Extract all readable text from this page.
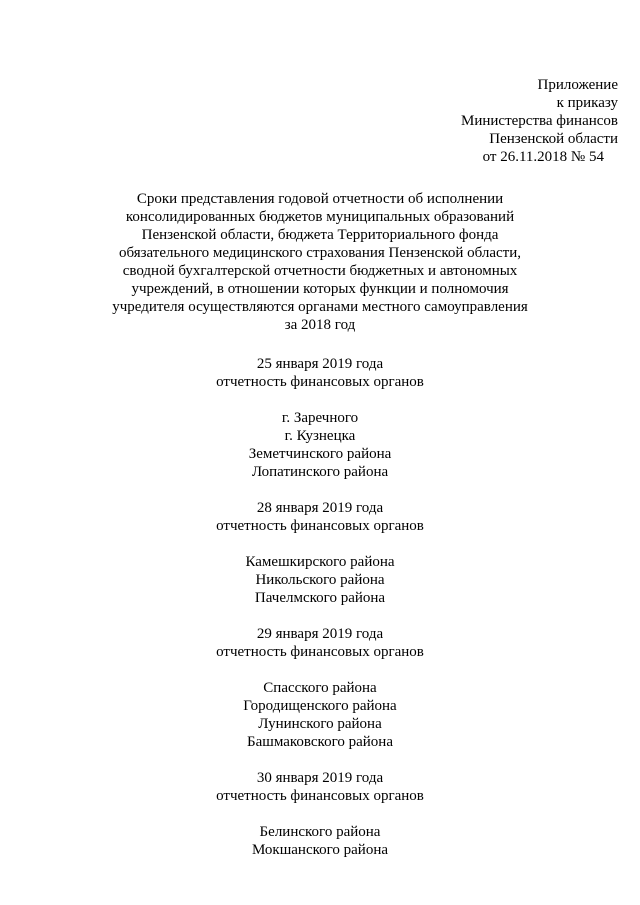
Приложение
к приказу
Министерства финансов
Пензенской области
от 26.11.2018 № 54
Сроки представления годовой отчетности об исполнении
консолидированных бюджетов муниципальных образований
Пензенской области, бюджета Территориального фонда
обязательного медицинского страхования Пензенской области,
сводной бухгалтерской отчетности бюджетных и автономных
учреждений, в отношении которых функции и полномочия
учредителя осуществляются органами местного самоуправления
за 2018 год
25 января 2019 года
отчетность финансовых органов
г. Заречного
г. Кузнецка
Земетчинского района
Лопатинского района
28 января 2019 года
отчетность финансовых органов
Камешкирского района
Никольского района
Пачелмского района
29 января 2019 года
отчетность финансовых органов
Спасского района
Городищенского района
Лунинского района
Башмаковского района
30 января 2019 года
отчетность финансовых органов
Белинского района
Мокшанского района
